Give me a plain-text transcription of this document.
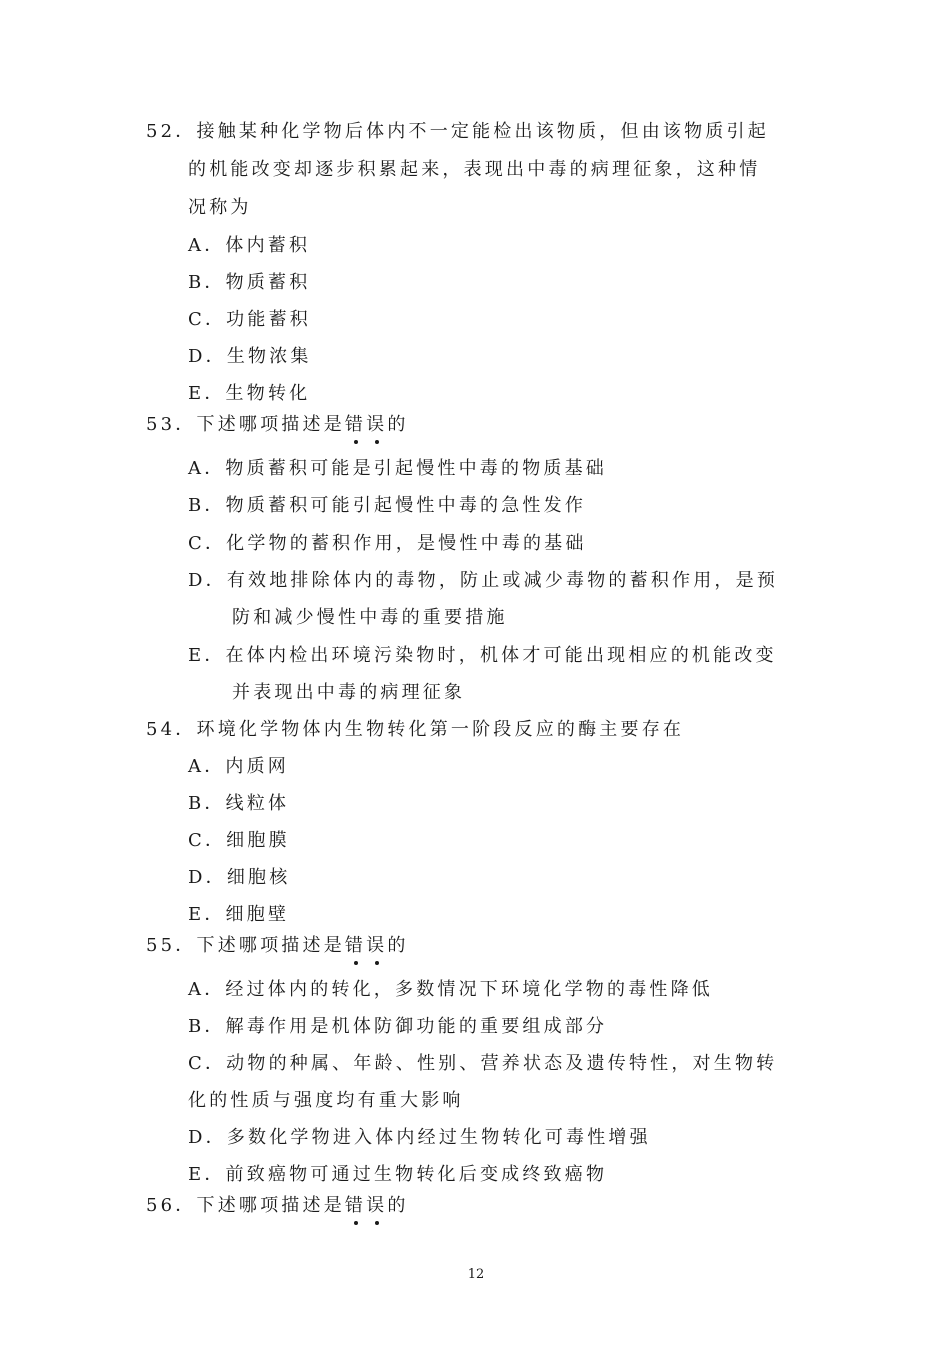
52．接触某种化学物后体内不一定能检出该物质，但由该物质引起
的机能改变却逐步积累起来，表现出中毒的病理征象，这种情
况称为
A．体内蓄积
B．物质蓄积
C．功能蓄积
D．生物浓集
E．生物转化
53．下述哪项描述是错误的
A．物质蓄积可能是引起慢性中毒的物质基础
B．物质蓄积可能引起慢性中毒的急性发作
C．化学物的蓄积作用，是慢性中毒的基础
D．有效地排除体内的毒物，防止或减少毒物的蓄积作用，是预
防和减少慢性中毒的重要措施
E．在体内检出环境污染物时，机体才可能出现相应的机能改变
并表现出中毒的病理征象
54．环境化学物体内生物转化第一阶段反应的酶主要存在
A．内质网
B．线粒体
C．细胞膜
D．细胞核
E．细胞壁
55．下述哪项描述是错误的
A．经过体内的转化，多数情况下环境化学物的毒性降低
B．解毒作用是机体防御功能的重要组成部分
C．动物的种属、年龄、性别、营养状态及遗传特性，对生物转
化的性质与强度均有重大影响
D．多数化学物进入体内经过生物转化可毒性增强
E．前致癌物可通过生物转化后变成终致癌物
56．下述哪项描述是错误的
12
